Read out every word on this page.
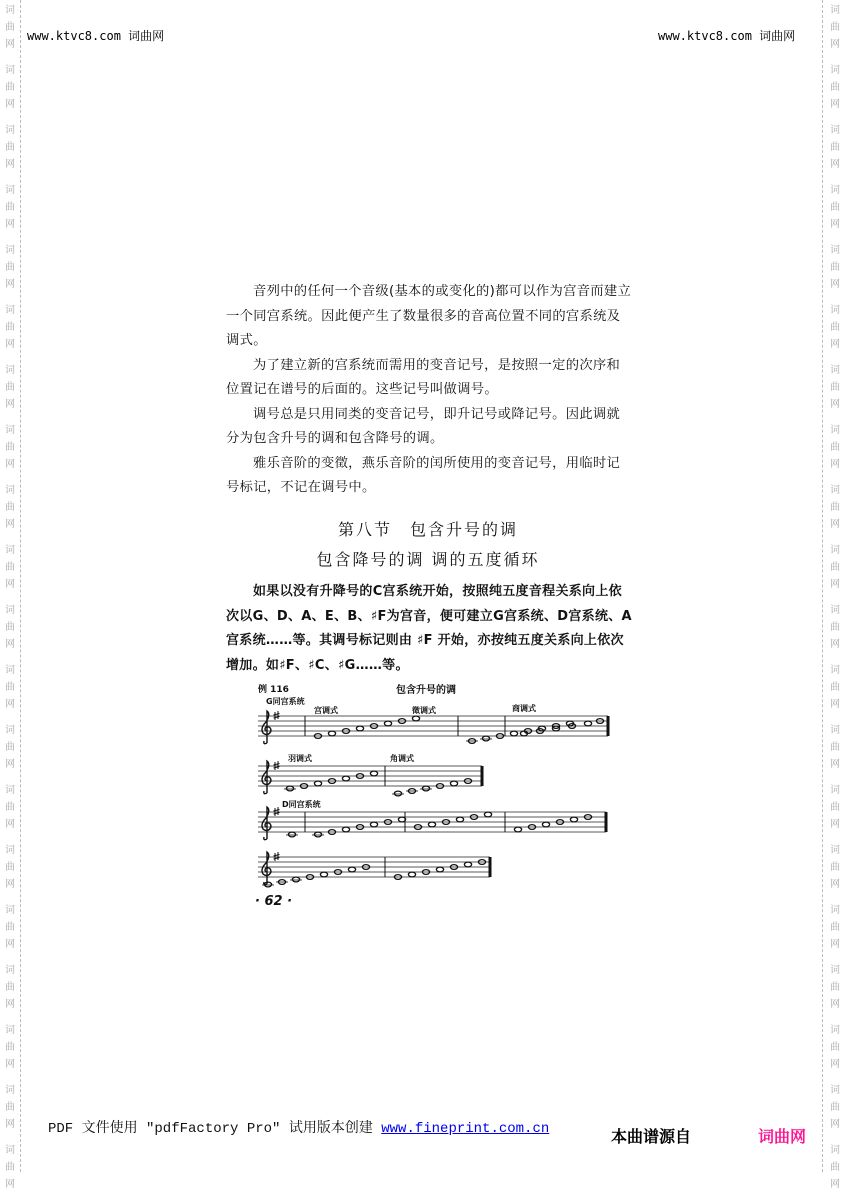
词
曲
网
词
曲
网
词
曲
网
词
曲
网
词
曲
网
词
曲
网
词
曲
网
词
曲
网
词
曲
网
词
曲
网
词
曲
网
词
曲
网
词
曲
网
词
曲
网
词
曲
网
词
曲
网
词
曲
网
词
曲
网
词
曲
网
词
曲
网
词
曲
网
词
曲
网
词
曲
网
词
曲
网
词
曲
网
词
曲
网
词
曲
网
词
曲
网
词
曲
网
词
曲
网
词
曲
网
词
曲
网
词
曲
网
词
曲
网
词
曲
网
词
曲
网
词
曲
网
词
曲
网
词
曲
网
词
曲
网
www.ktvc8.com 词曲网	www.ktvc8.com 词曲网

音列中的任何一个音级(基本的或变化的)都可以作为宫音而建立一个同宫系统。因此便产生了数量很多的音高位置不同的宫系统及调式。

为了建立新的宫系统而需用的变音记号，是按照一定的次序和位置记在谱号的后面的。这些记号叫做调号。

调号总是只用同类的变音记号，即升记号或降记号。因此调就分为包含升号的调和包含降号的调。

雅乐音阶的变徵，燕乐音阶的闰所使用的变音记号，用临时记号标记，不记在调号中。

第八节　包含升号的调
包含降号的调 调的五度循环

如果以没有升降号的C宫系统开始，按照纯五度音程关系向上依次以G、D、A、E、B、♯F为宫音，便可建立G宫系统、D宫系统、A宫系统……等。其调号标记则由 ♯F 开始，亦按纯五度关系向上依次增加。如♯F、♯C、♯G……等。

例 116	包含升号的调
G同宫系统
宫调式	徵调式	商调式
羽调式	角调式
D同宫系统
· 62 ·
PDF 文件使用 "pdfFactory Pro" 试用版本创建 www.fineprint.com.cn	本曲谱源自	词曲网
